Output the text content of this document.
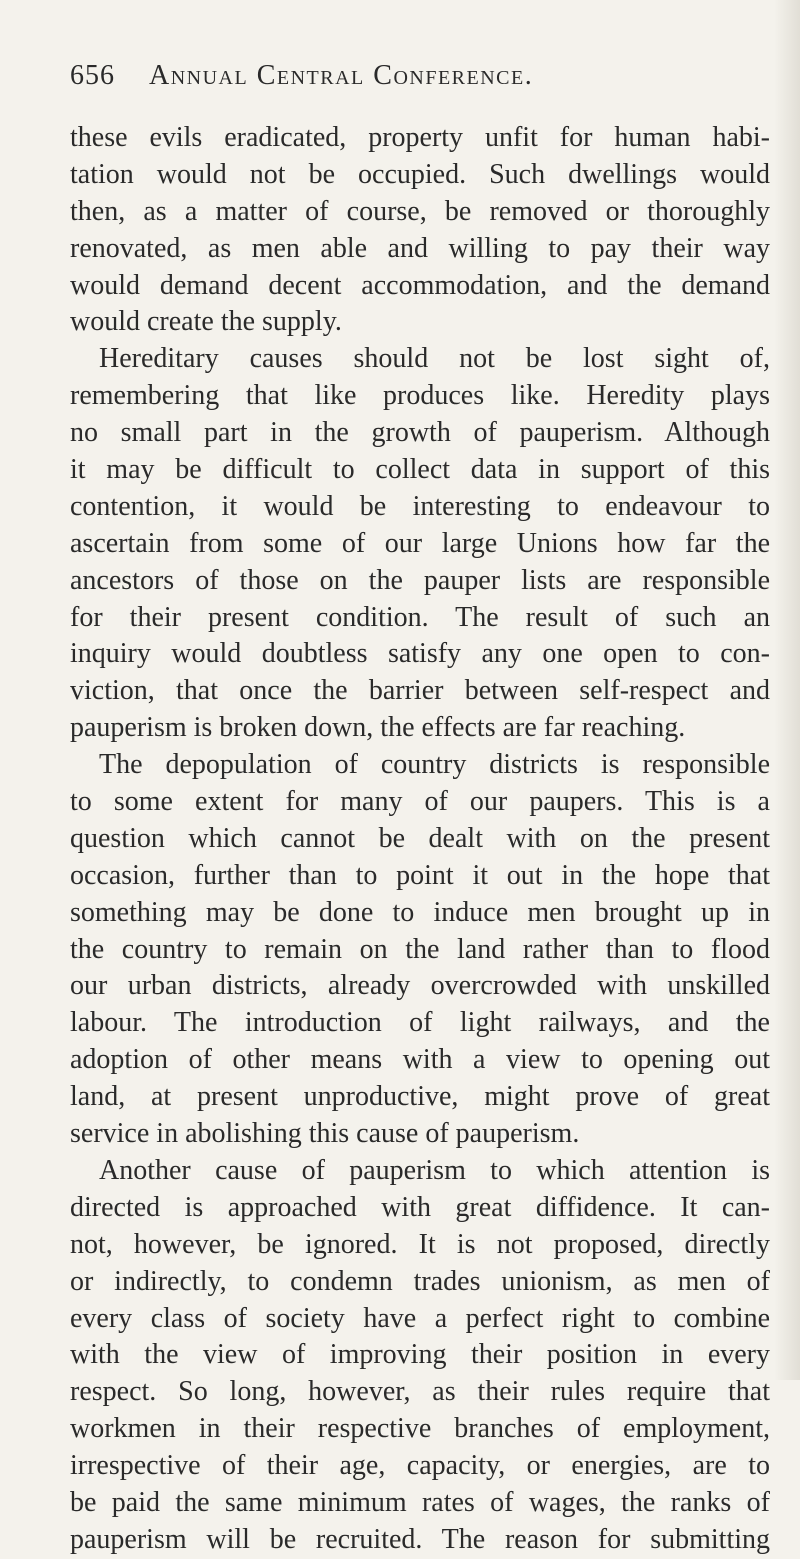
656 Annual Central Conference.
these evils eradicated, property unfit for human habi-
tation would not be occupied. Such dwellings would
then, as a matter of course, be removed or thoroughly
renovated, as men able and willing to pay their way
would demand decent accommodation, and the demand
would create the supply.
Hereditary causes should not be lost sight of,
remembering that like produces like. Heredity plays
no small part in the growth of pauperism. Although
it may be difficult to collect data in support of this
contention, it would be interesting to endeavour to
ascertain from some of our large Unions how far the
ancestors of those on the pauper lists are responsible
for their present condition. The result of such an
inquiry would doubtless satisfy any one open to con-
viction, that once the barrier between self-respect and
pauperism is broken down, the effects are far reaching.
The depopulation of country districts is responsible
to some extent for many of our paupers. This is a
question which cannot be dealt with on the present
occasion, further than to point it out in the hope that
something may be done to induce men brought up in
the country to remain on the land rather than to flood
our urban districts, already overcrowded with unskilled
labour. The introduction of light railways, and the
adoption of other means with a view to opening out
land, at present unproductive, might prove of great
service in abolishing this cause of pauperism.
Another cause of pauperism to which attention is
directed is approached with great diffidence. It can-
not, however, be ignored. It is not proposed, directly
or indirectly, to condemn trades unionism, as men of
every class of society have a perfect right to combine
with the view of improving their position in every
respect. So long, however, as their rules require that
workmen in their respective branches of employment,
irrespective of their age, capacity, or energies, are to
be paid the same minimum rates of wages, the ranks of
pauperism will be recruited. The reason for submitting
